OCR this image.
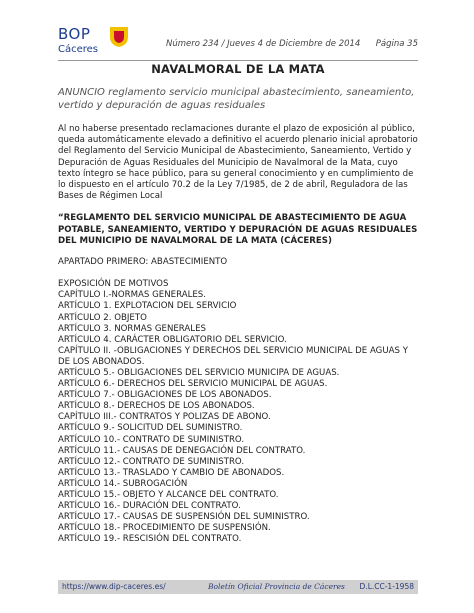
BOP
Cáceres	Número 234 / Jueves 4 de Diciembre de 2014 Página 35
NAVALMORAL DE LA MATA
ANUNCIO reglamento servicio municipal abastecimiento, saneamiento, vertido y depuración de aguas residuales
Al no haberse presentado reclamaciones durante el plazo de exposición al público, queda automáticamente elevado a definitivo el acuerdo plenario inicial aprobatorio del Reglamento del Servicio Municipal de Abastecimiento, Saneamiento, Vertido y Depuración de Aguas Residuales del Municipio de Navalmoral de la Mata, cuyo texto íntegro se hace público, para su general conocimiento y en cumplimiento de lo dispuesto en el artículo 70.2 de la Ley 7/1985, de 2 de abril, Reguladora de las Bases de Régimen Local
“REGLAMENTO DEL SERVICIO MUNICIPAL DE ABASTECIMIENTO DE AGUA POTABLE, SANEAMIENTO, VERTIDO Y DEPURACIÓN DE AGUAS RESIDUALES DEL MUNICIPIO DE NAVALMORAL DE LA MATA (CÁCERES)
APARTADO PRIMERO: ABASTECIMIENTO
EXPOSICIÓN DE MOTIVOS
CAPÍTULO I.-NORMAS GENERALES.
ARTÍCULO 1. EXPLOTACION DEL SERVICIO
ARTÍCULO 2. OBJETO
ARTÍCULO 3. NORMAS GENERALES
ARTÍCULO 4. CARÁCTER OBLIGATORIO DEL SERVICIO.
CAPÍTULO II. -OBLIGACIONES Y DERECHOS DEL SERVICIO MUNICIPAL DE AGUAS Y DE LOS ABONADOS.
ARTÍCULO 5.- OBLIGACIONES DEL SERVICIO MUNICIPA DE AGUAS.
ARTÍCULO 6.- DERECHOS DEL SERVICIO MUNICIPAL DE AGUAS.
ARTÍCULO 7.- OBLIGACIONES DE LOS ABONADOS.
ARTÍCULO 8.- DERECHOS DE LOS ABONADOS.
CAPÍTULO III.- CONTRATOS Y POLIZAS DE ABONO.
ARTÍCULO 9.- SOLICITUD DEL SUMINISTRO.
ARTÍCULO 10.- CONTRATO DE SUMINISTRO.
ARTÍCULO 11.- CAUSAS DE DENEGACIÓN DEL CONTRATO.
ARTÍCULO 12.- CONTRATO DE SUMINISTRO.
ARTÍCULO 13.- TRASLADO Y CAMBIO DE ABONADOS.
ARTÍCULO 14.- SUBROGACIÓN
ARTÍCULO 15.- OBJETO Y ALCANCE DEL CONTRATO.
ARTÍCULO 16.- DURACIÓN DEL CONTRATO.
ARTÍCULO 17.- CAUSAS DE SUSPENSIÓN DEL SUMINISTRO.
ARTÍCULO 18.- PROCEDIMIENTO DE SUSPENSIÓN.
ARTÍCULO 19.- RESCISIÓN DEL CONTRATO.
https://www.dip-caceres.es/	Boletín Oficial Provincia de Cáceres D.L.CC-1-1958
